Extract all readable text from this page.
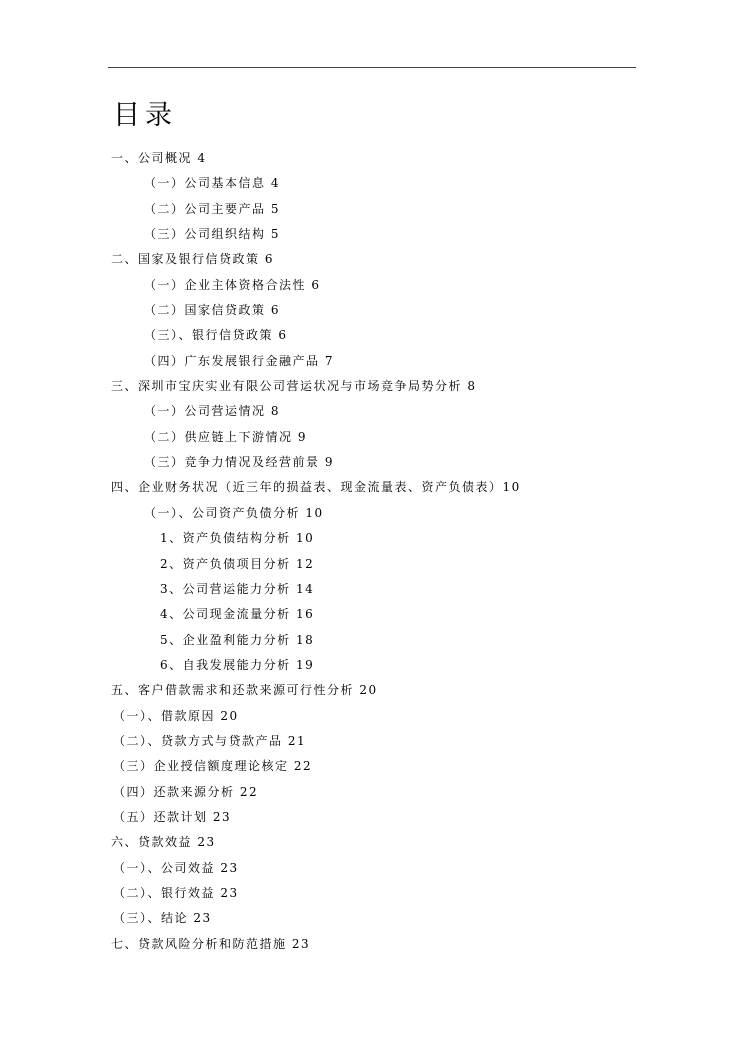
目录
一、公司概况 4
（一）公司基本信息 4
（二）公司主要产品 5
（三）公司组织结构 5
二、国家及银行信贷政策 6
（一）企业主体资格合法性 6
（二）国家信贷政策 6
（三）、银行信贷政策 6
（四）广东发展银行金融产品 7
三、深圳市宝庆实业有限公司营运状况与市场竞争局势分析 8
（一）公司营运情况 8
（二）供应链上下游情况 9
（三）竞争力情况及经营前景 9
四、企业财务状况（近三年的损益表、现金流量表、资产负债表）10
（一）、公司资产负债分析 10
1、资产负债结构分析 10
2、资产负债项目分析 12
3、公司营运能力分析 14
4、公司现金流量分析 16
5、企业盈利能力分析 18
6、自我发展能力分析 19
五、客户借款需求和还款来源可行性分析 20
（一）、借款原因 20
（二）、贷款方式与贷款产品 21
（三）企业授信额度理论核定 22
（四）还款来源分析 22
（五）还款计划 23
六、贷款效益 23
（一）、公司效益 23
（二）、银行效益 23
（三）、结论 23
七、贷款风险分析和防范措施 23
